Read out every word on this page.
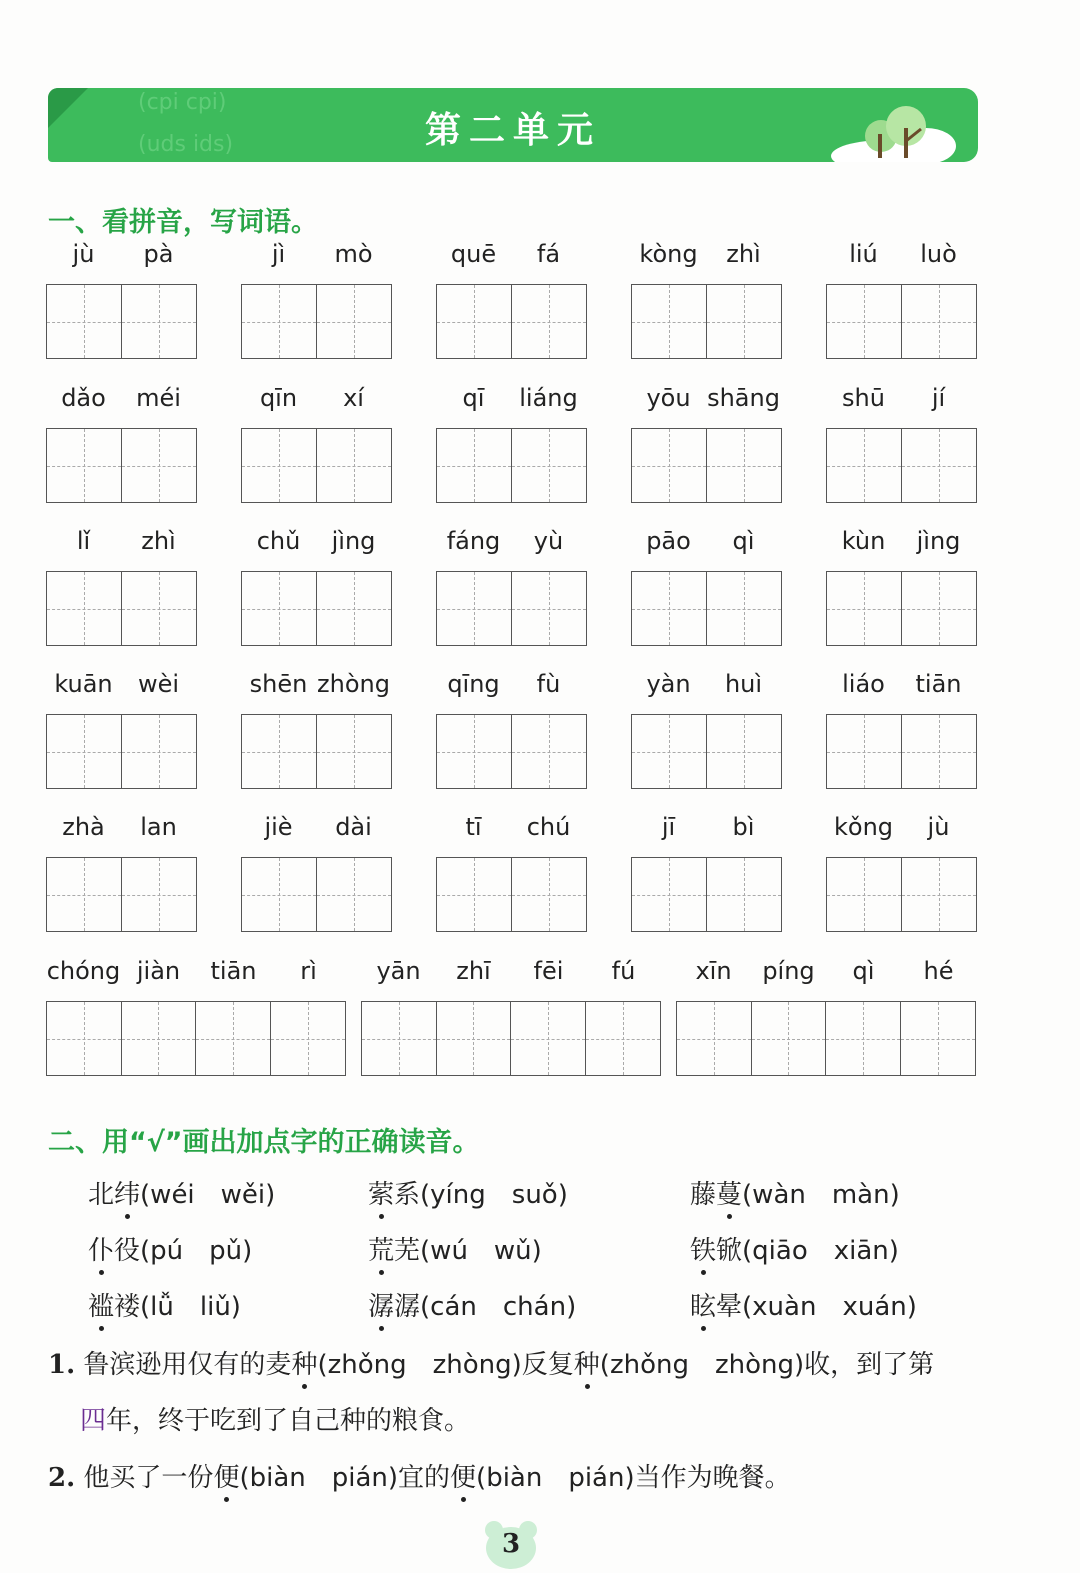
(cpi cpi)
(uds ids)	第二单元
一、看拼音，写词语。
jù	pà	jì	mò	quē	fá	kòng	zhì	liú	luò
dǎo	méi	qīn	xí	qī	liáng	yōu shāng	shū	jí
lǐ	zhì	chǔ	jìng	fáng	yù	pāo	qì	kùn	jìng
kuān	wèi	shēn zhòng	qīng	fù	yàn	huì	liáo	tiān
zhà	lan	jiè	dài	tī	chú	jī	bì	kǒng	jù
chóng jiàn	tiān	rì	yān	zhī	fēi	fú	xīn	píng	qì	hé
二、用“√”画出加点字的正确读音。
北纬(wéi　wěi)	萦系(yíng　suǒ)	藤蔓(wàn　màn)
仆役(pú　pǔ)	荒芜(wú　wǔ)	铁锨(qiāo　xiān)
褴褛(lǚ　liǔ)	潺潺(cán　chán)	眩晕(xuàn　xuán)
1. 鲁滨逊用仅有的麦种(zhǒng　zhòng)反复种(zhǒng　zhòng)收，到了第
四年，终于吃到了自己种的粮食。
2. 他买了一份便(biàn　pián)宜的便(biàn　pián)当作为晚餐。
3
